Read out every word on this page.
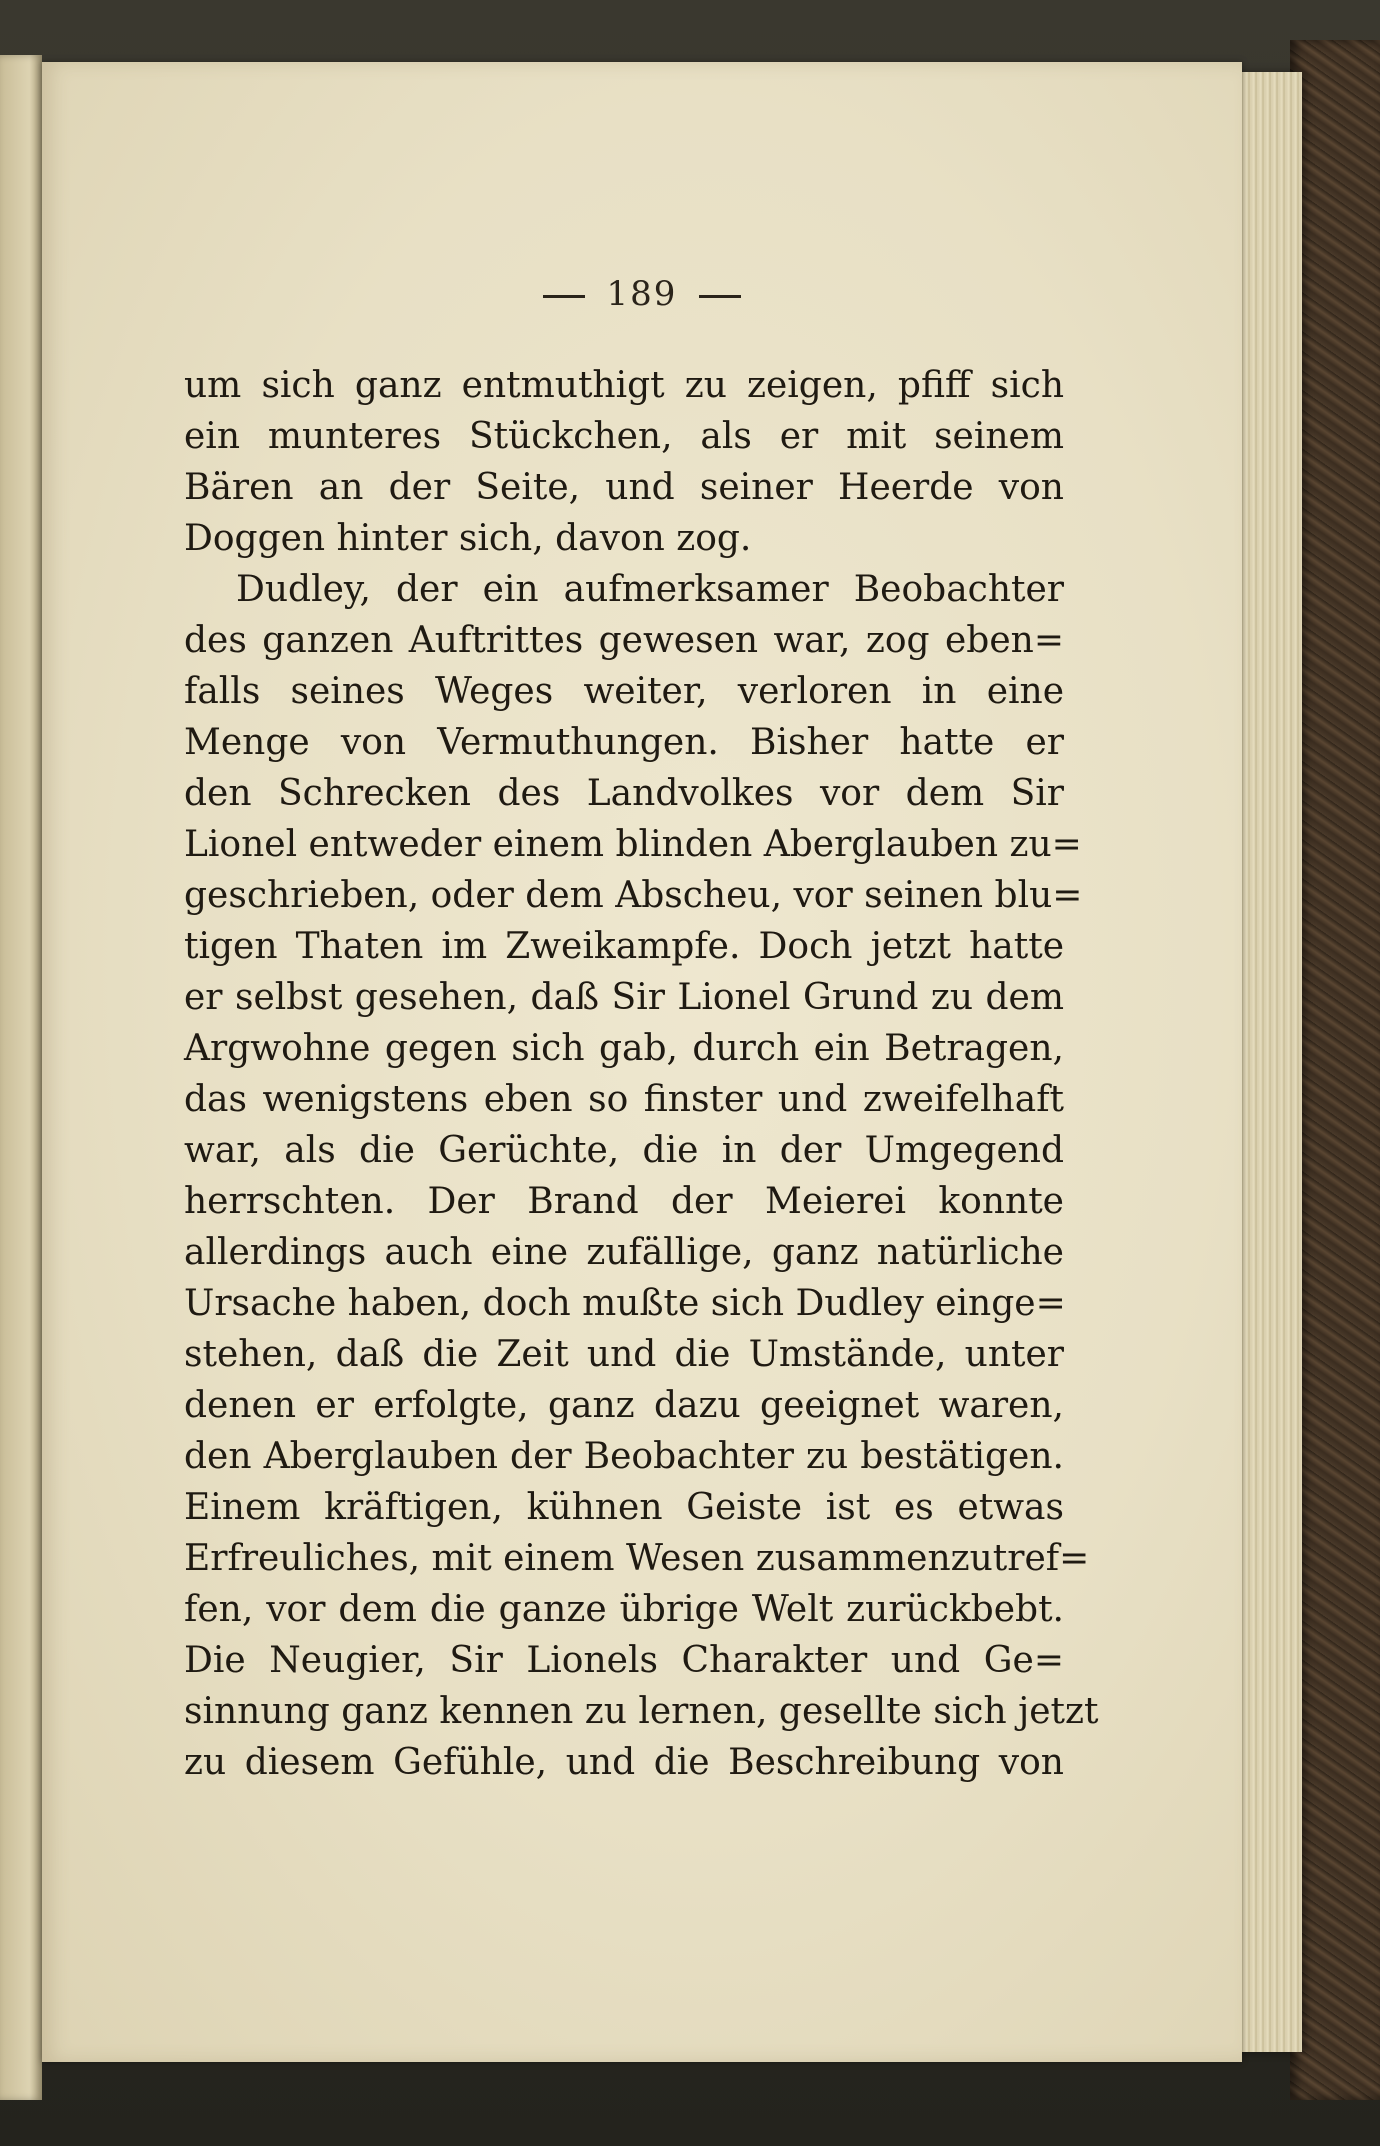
189
um sich ganz entmuthigt zu zeigen, pfiff sich
ein munteres Stückchen, als er mit seinem
Bären an der Seite, und seiner Heerde von
Doggen hinter sich, davon zog.
Dudley, der ein aufmerksamer Beobachter
des ganzen Auftrittes gewesen war, zog eben=
falls seines Weges weiter, verloren in eine
Menge von Vermuthungen. Bisher hatte er
den Schrecken des Landvolkes vor dem Sir
Lionel entweder einem blinden Aberglauben zu=
geschrieben, oder dem Abscheu, vor seinen blu=
tigen Thaten im Zweikampfe. Doch jetzt hatte
er selbst gesehen, daß Sir Lionel Grund zu dem
Argwohne gegen sich gab, durch ein Betragen,
das wenigstens eben so finster und zweifelhaft
war, als die Gerüchte, die in der Umgegend
herrschten. Der Brand der Meierei konnte
allerdings auch eine zufällige, ganz natürliche
Ursache haben, doch mußte sich Dudley einge=
stehen, daß die Zeit und die Umstände, unter
denen er erfolgte, ganz dazu geeignet waren,
den Aberglauben der Beobachter zu bestätigen.
Einem kräftigen, kühnen Geiste ist es etwas
Erfreuliches, mit einem Wesen zusammenzutref=
fen, vor dem die ganze übrige Welt zurückbebt.
Die Neugier, Sir Lionels Charakter und Ge=
sinnung ganz kennen zu lernen, gesellte sich jetzt
zu diesem Gefühle, und die Beschreibung von
